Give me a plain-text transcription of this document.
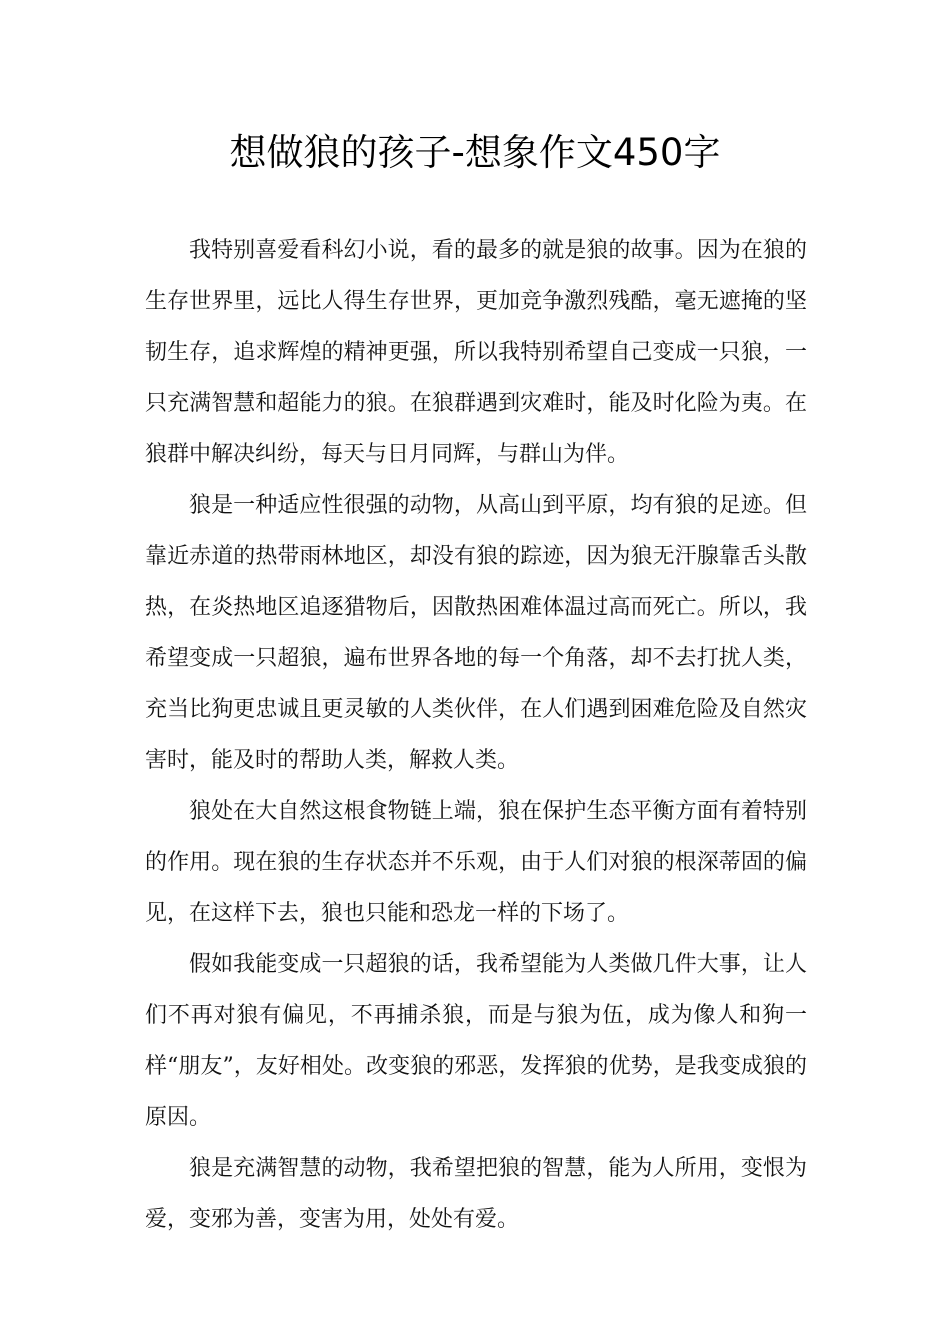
想做狼的孩子-想象作文450字

我特别喜爱看科幻小说，看的最多的就是狼的故事。因为在狼的生存世界里，远比人得生存世界，更加竞争激烈残酷，毫无遮掩的坚韧生存，追求辉煌的精神更强，所以我特别希望自己变成一只狼，一只充满智慧和超能力的狼。在狼群遇到灾难时，能及时化险为夷。在狼群中解决纠纷，每天与日月同辉，与群山为伴。

狼是一种适应性很强的动物，从高山到平原，均有狼的足迹。但靠近赤道的热带雨林地区，却没有狼的踪迹，因为狼无汗腺靠舌头散热，在炎热地区追逐猎物后，因散热困难体温过高而死亡。所以，我希望变成一只超狼，遍布世界各地的每一个角落，却不去打扰人类，充当比狗更忠诚且更灵敏的人类伙伴，在人们遇到困难危险及自然灾害时，能及时的帮助人类，解救人类。

狼处在大自然这根食物链上端，狼在保护生态平衡方面有着特别的作用。现在狼的生存状态并不乐观，由于人们对狼的根深蒂固的偏见，在这样下去，狼也只能和恐龙一样的下场了。

假如我能变成一只超狼的话，我希望能为人类做几件大事，让人们不再对狼有偏见，不再捕杀狼，而是与狼为伍，成为像人和狗一样“朋友”，友好相处。改变狼的邪恶，发挥狼的优势，是我变成狼的原因。

狼是充满智慧的动物，我希望把狼的智慧，能为人所用，变恨为爱，变邪为善，变害为用，处处有爱。
